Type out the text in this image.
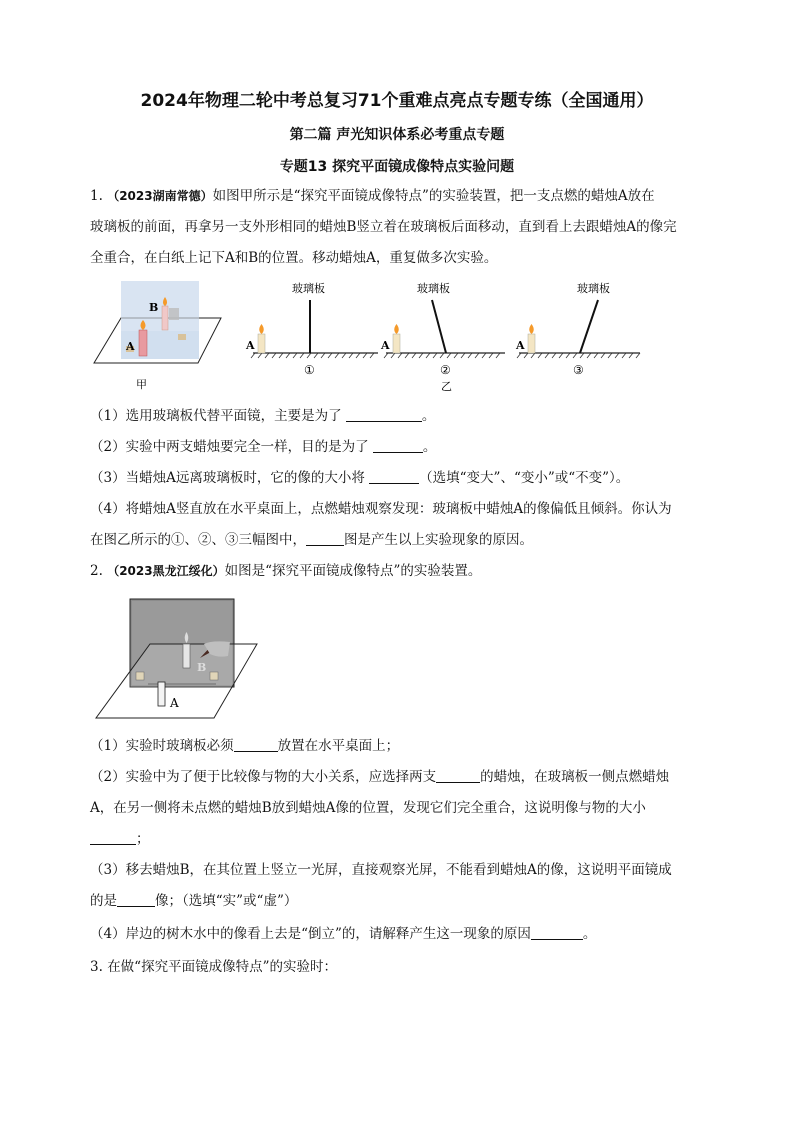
2024年物理二轮中考总复习71个重难点亮点专题专练（全国通用）
第二篇 声光知识体系必考重点专题
专题13 探究平面镜成像特点实验问题
1. （2023湖南常德）如图甲所示是“探究平面镜成像特点”的实验装置，把一支点燃的蜡烛A放在
玻璃板的前面，再拿另一支外形相同的蜡烛B竖立着在玻璃板后面移动，直到看上去跟蜡烛A的像完
全重合，在白纸上记下A和B的位置。移动蜡烛A，重复做多次实验。
B
A
甲
A
玻璃板
①
A
玻璃板
②
乙
A
玻璃板
③
（1）选用玻璃板代替平面镜，主要是为了	。
（2）实验中两支蜡烛要完全一样，目的是为了	。
（3）当蜡烛A远离玻璃板时，它的像的大小将	（选填“变大”、“变小”或“不变”）。
（4）将蜡烛A竖直放在水平桌面上，点燃蜡烛观察发现：玻璃板中蜡烛A的像偏低且倾斜。你认为
在图乙所示的①、②、③三幅图中，	图是产生以上实验现象的原因。
2. （2023黑龙江绥化）如图是“探究平面镜成像特点”的实验装置。
B
A
（1）实验时玻璃板必须	放置在水平桌面上；
（2）实验中为了便于比较像与物的大小关系，应选择两支	的蜡烛，在玻璃板一侧点燃蜡烛
A，在另一侧将未点燃的蜡烛B放到蜡烛A像的位置，发现它们完全重合，这说明像与物的大小
；
（3）移去蜡烛B，在其位置上竖立一光屏，直接观察光屏，不能看到蜡烛A的像，这说明平面镜成
的是	像；（选填“实”或“虚”）
（4）岸边的树木水中的像看上去是“倒立”的，请解释产生这一现象的原因	。
3. 在做“探究平面镜成像特点”的实验时：
